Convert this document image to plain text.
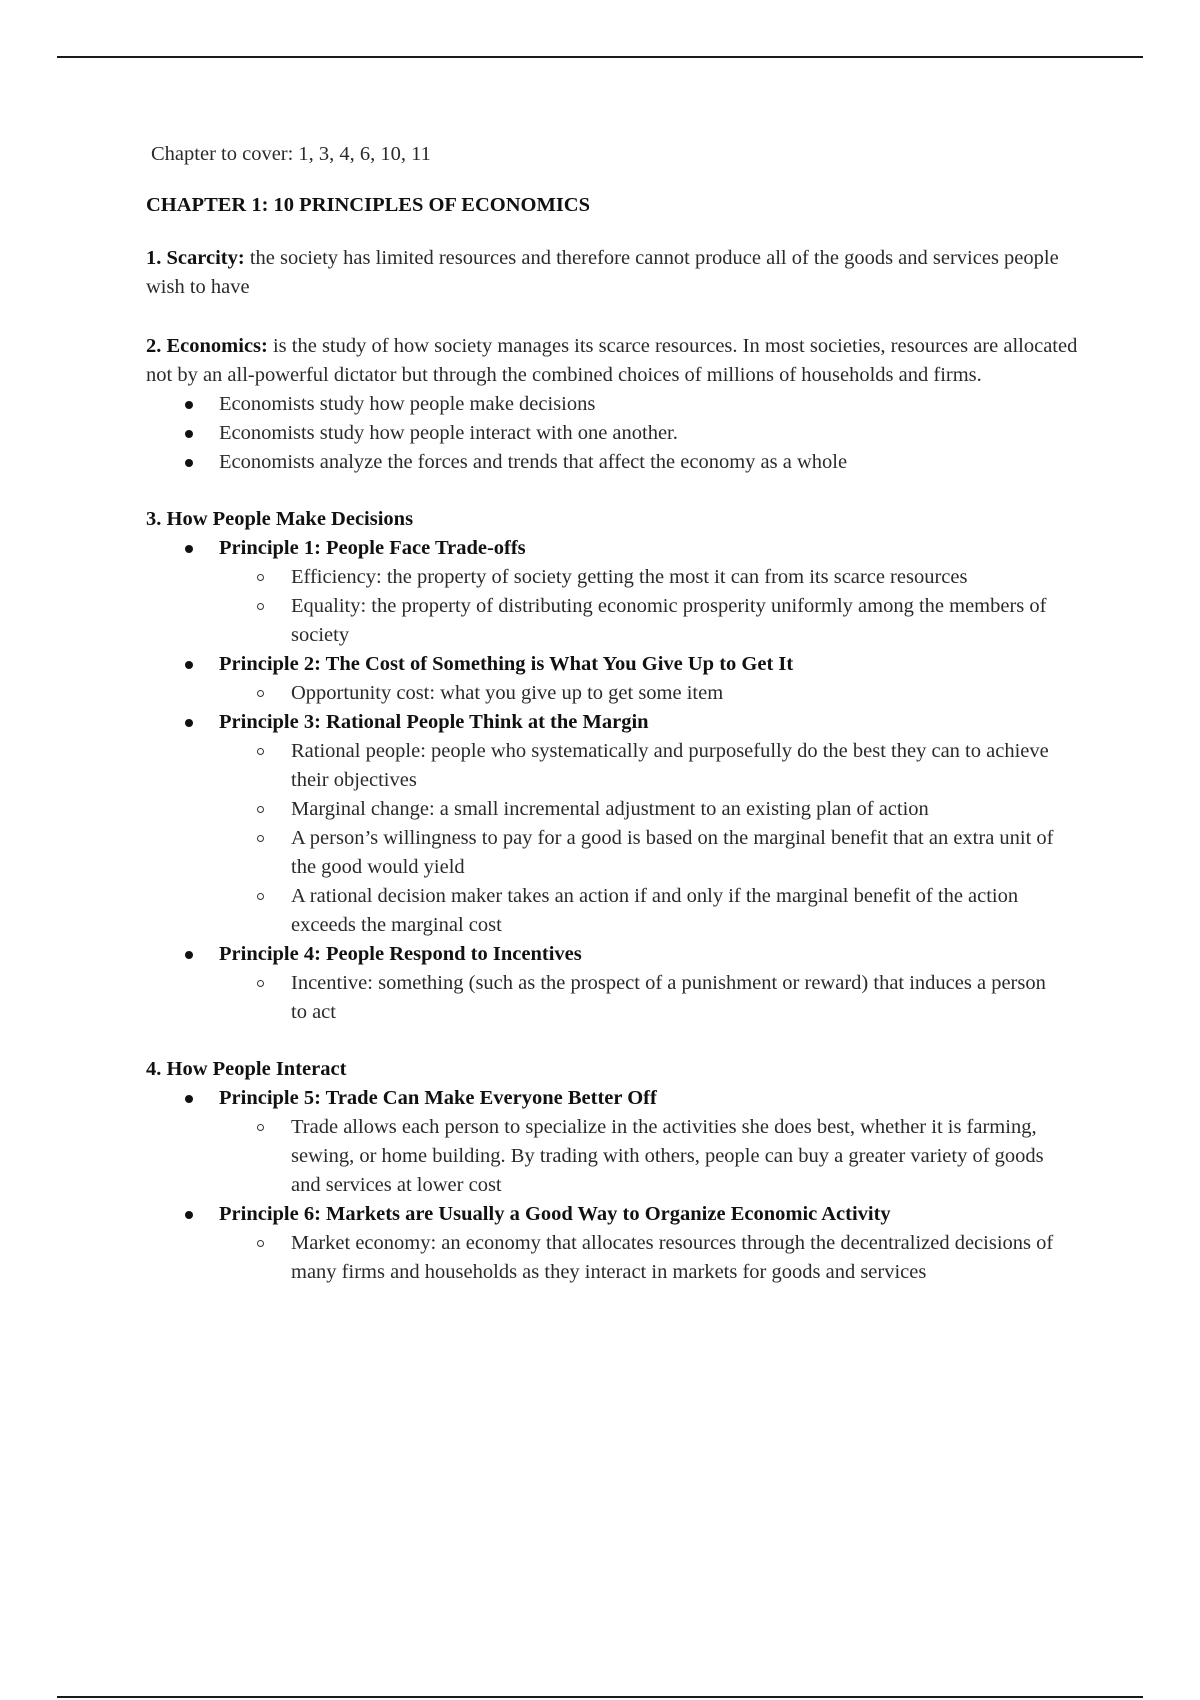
Chapter to cover: 1, 3, 4, 6, 10, 11
CHAPTER 1: 10 PRINCIPLES OF ECONOMICS

1. Scarcity: the society has limited resources and therefore cannot produce all of the goods and services people wish to have

2. Economics: is the study of how society manages its scarce resources. In most societies, resources are allocated not by an all-powerful dictator but through the combined choices of millions of households and firms.

Economists study how people make decisions
Economists study how people interact with one another.
Economists analyze the forces and trends that affect the economy as a whole
3. How People Make Decisions
Principle 1: People Face Trade-offs
Efficiency: the property of society getting the most it can from its scarce resources
Equality: the property of distributing economic prosperity uniformly among the members of society
Principle 2: The Cost of Something is What You Give Up to Get It
Opportunity cost: what you give up to get some item
Principle 3: Rational People Think at the Margin
Rational people: people who systematically and purposefully do the best they can to achieve their objectives
Marginal change: a small incremental adjustment to an existing plan of action
A person’s willingness to pay for a good is based on the marginal benefit that an extra unit of the good would yield
A rational decision maker takes an action if and only if the marginal benefit of the action exceeds the marginal cost
Principle 4: People Respond to Incentives
Incentive: something (such as the prospect of a punishment or reward) that induces a person to act
4. How People Interact
Principle 5: Trade Can Make Everyone Better Off
Trade allows each person to specialize in the activities she does best, whether it is farming, sewing, or home building. By trading with others, people can buy a greater variety of goods and services at lower cost
Principle 6: Markets are Usually a Good Way to Organize Economic Activity
Market economy: an economy that allocates resources through the decentralized decisions of many firms and households as they interact in markets for goods and services
